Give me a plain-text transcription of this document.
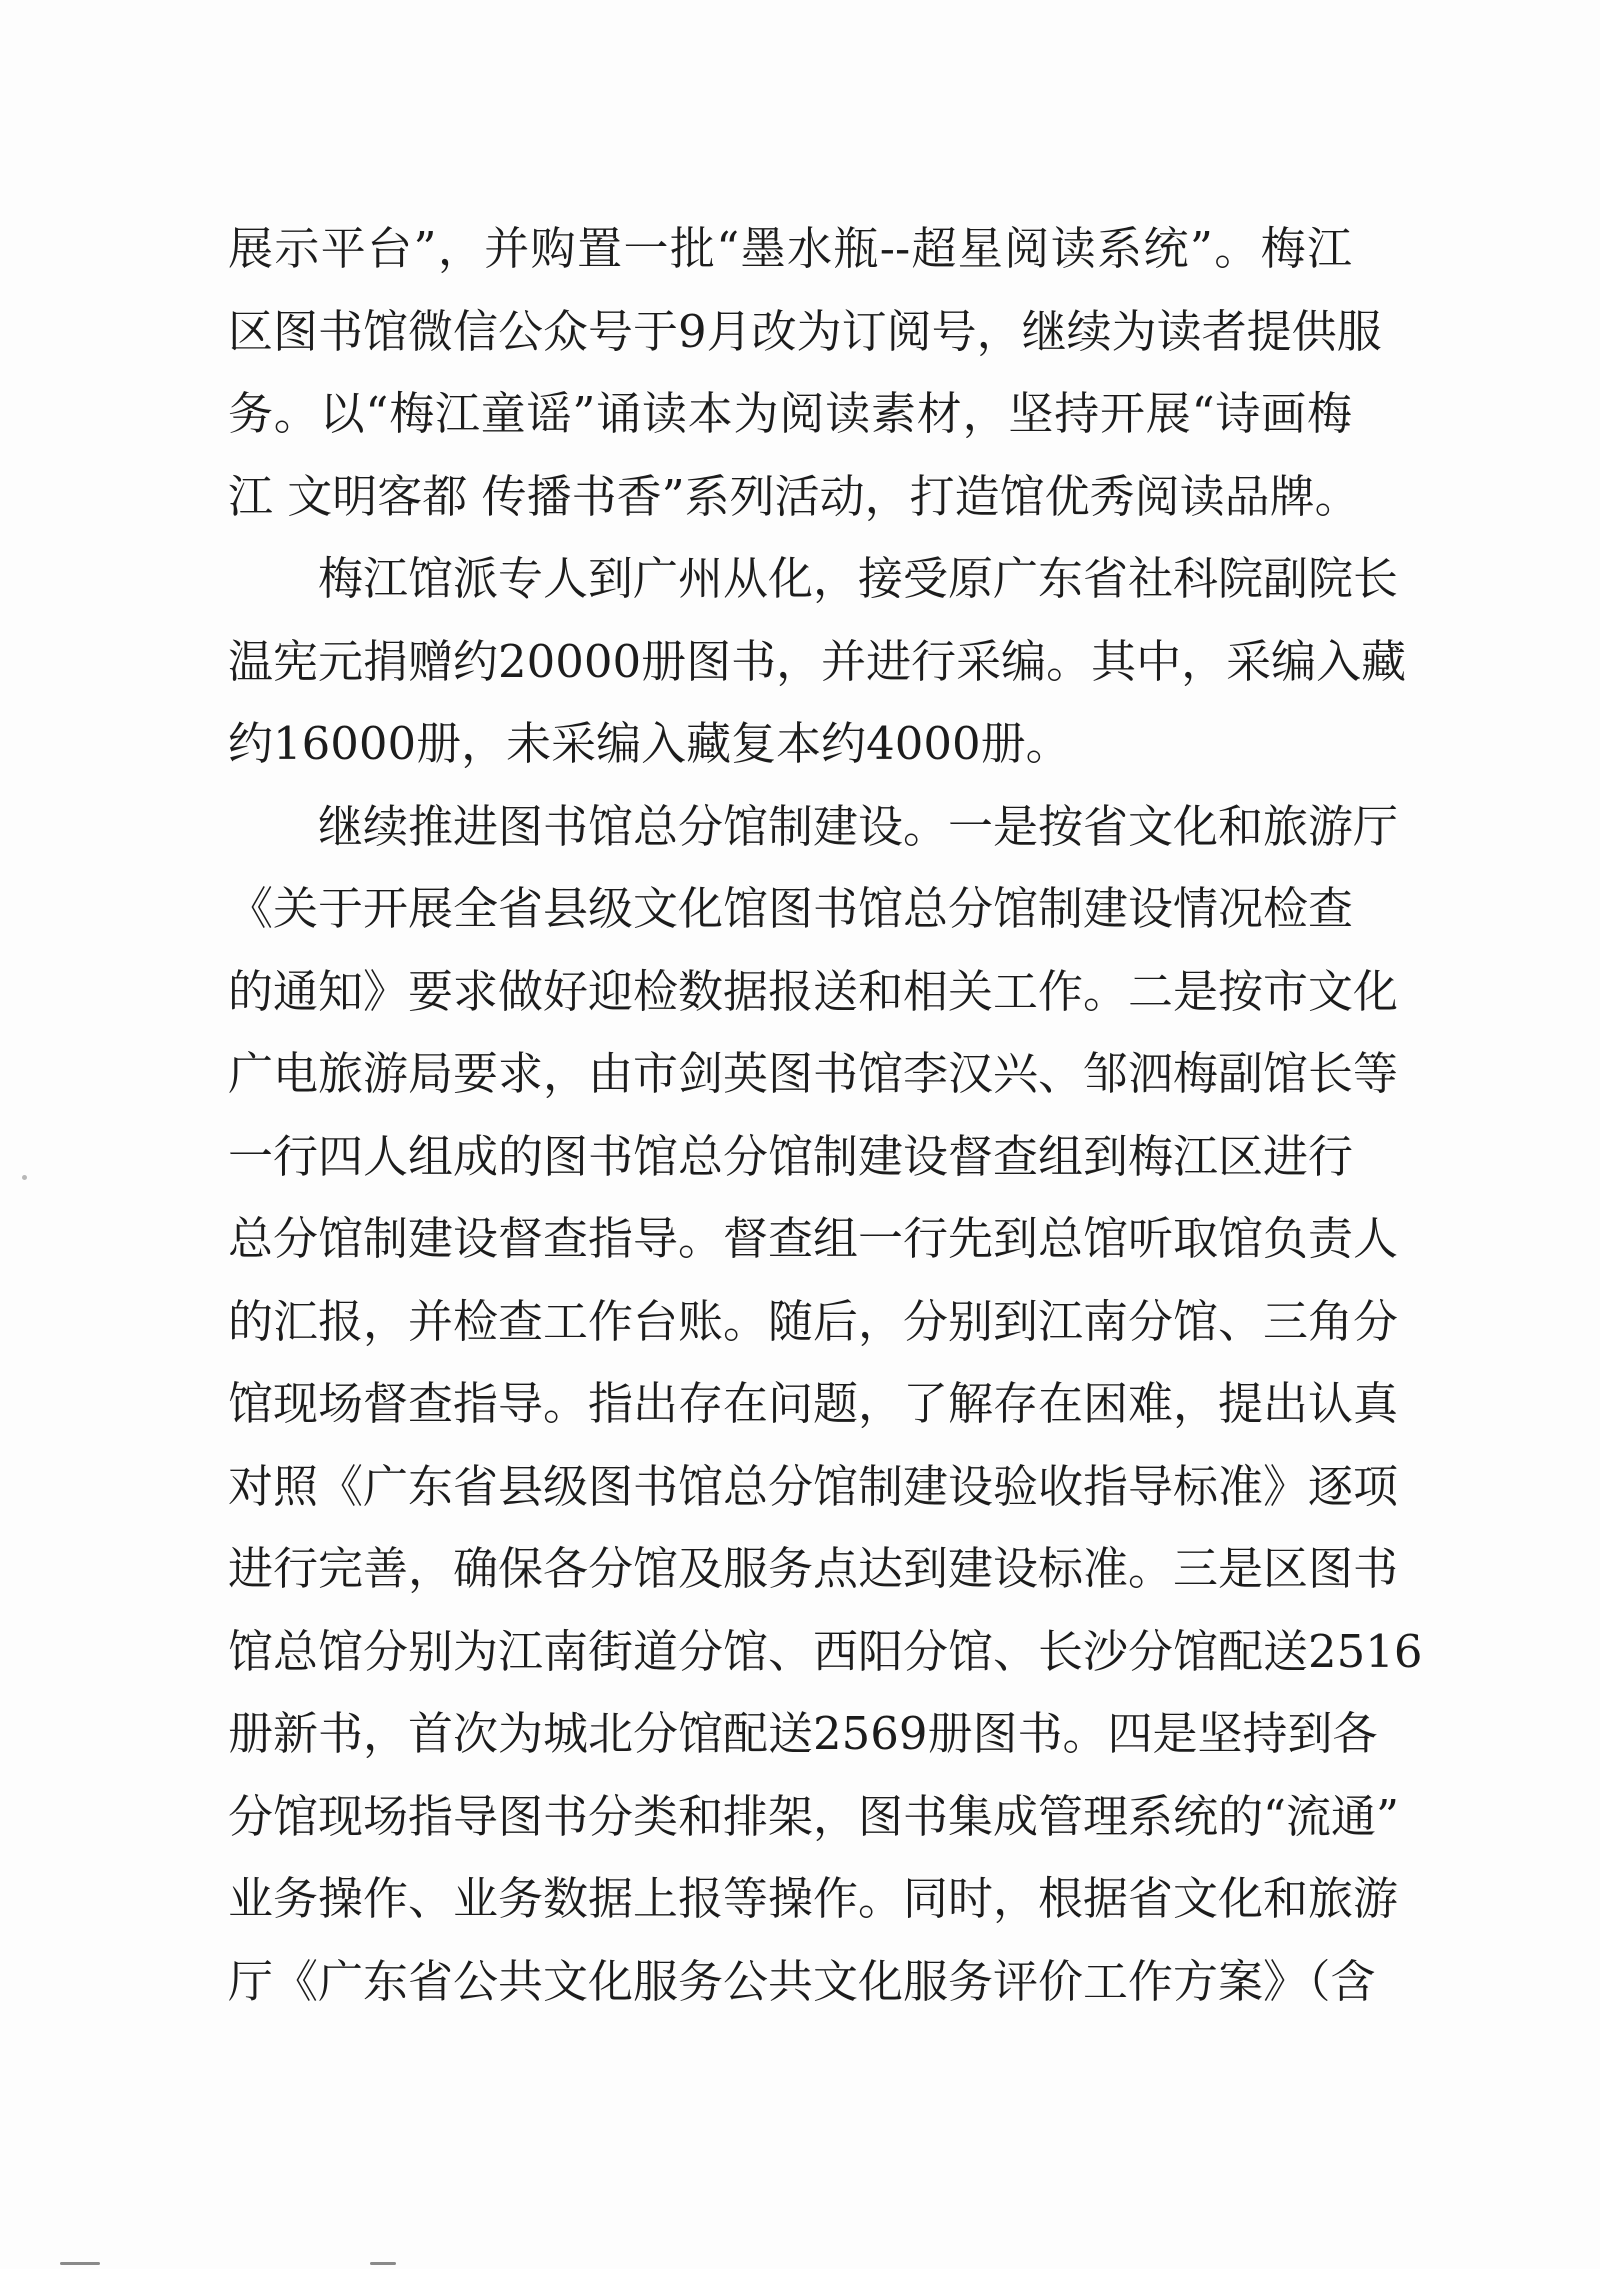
展示平台”，并购置一批“墨水瓶--超星阅读系统”。梅江
区图书馆微信公众号于9月改为订阅号，继续为读者提供服
务。以“梅江童谣”诵读本为阅读素材，坚持开展“诗画梅
江 文明客都 传播书香”系列活动，打造馆优秀阅读品牌。
梅江馆派专人到广州从化，接受原广东省社科院副院长
温宪元捐赠约20000册图书，并进行采编。其中，采编入藏
约16000册，未采编入藏复本约4000册。
继续推进图书馆总分馆制建设。一是按省文化和旅游厅
《关于开展全省县级文化馆图书馆总分馆制建设情况检查
的通知》要求做好迎检数据报送和相关工作。二是按市文化
广电旅游局要求，由市剑英图书馆李汉兴、邹泗梅副馆长等
一行四人组成的图书馆总分馆制建设督查组到梅江区进行
总分馆制建设督查指导。督查组一行先到总馆听取馆负责人
的汇报，并检查工作台账。随后，分别到江南分馆、三角分
馆现场督查指导。指出存在问题，了解存在困难，提出认真
对照《广东省县级图书馆总分馆制建设验收指导标准》逐项
进行完善，确保各分馆及服务点达到建设标准。三是区图书
馆总馆分别为江南街道分馆、西阳分馆、长沙分馆配送2516
册新书，首次为城北分馆配送2569册图书。四是坚持到各
分馆现场指导图书分类和排架，图书集成管理系统的“流通”
业务操作、业务数据上报等操作。同时，根据省文化和旅游
厅《广东省公共文化服务公共文化服务评价工作方案》（含
